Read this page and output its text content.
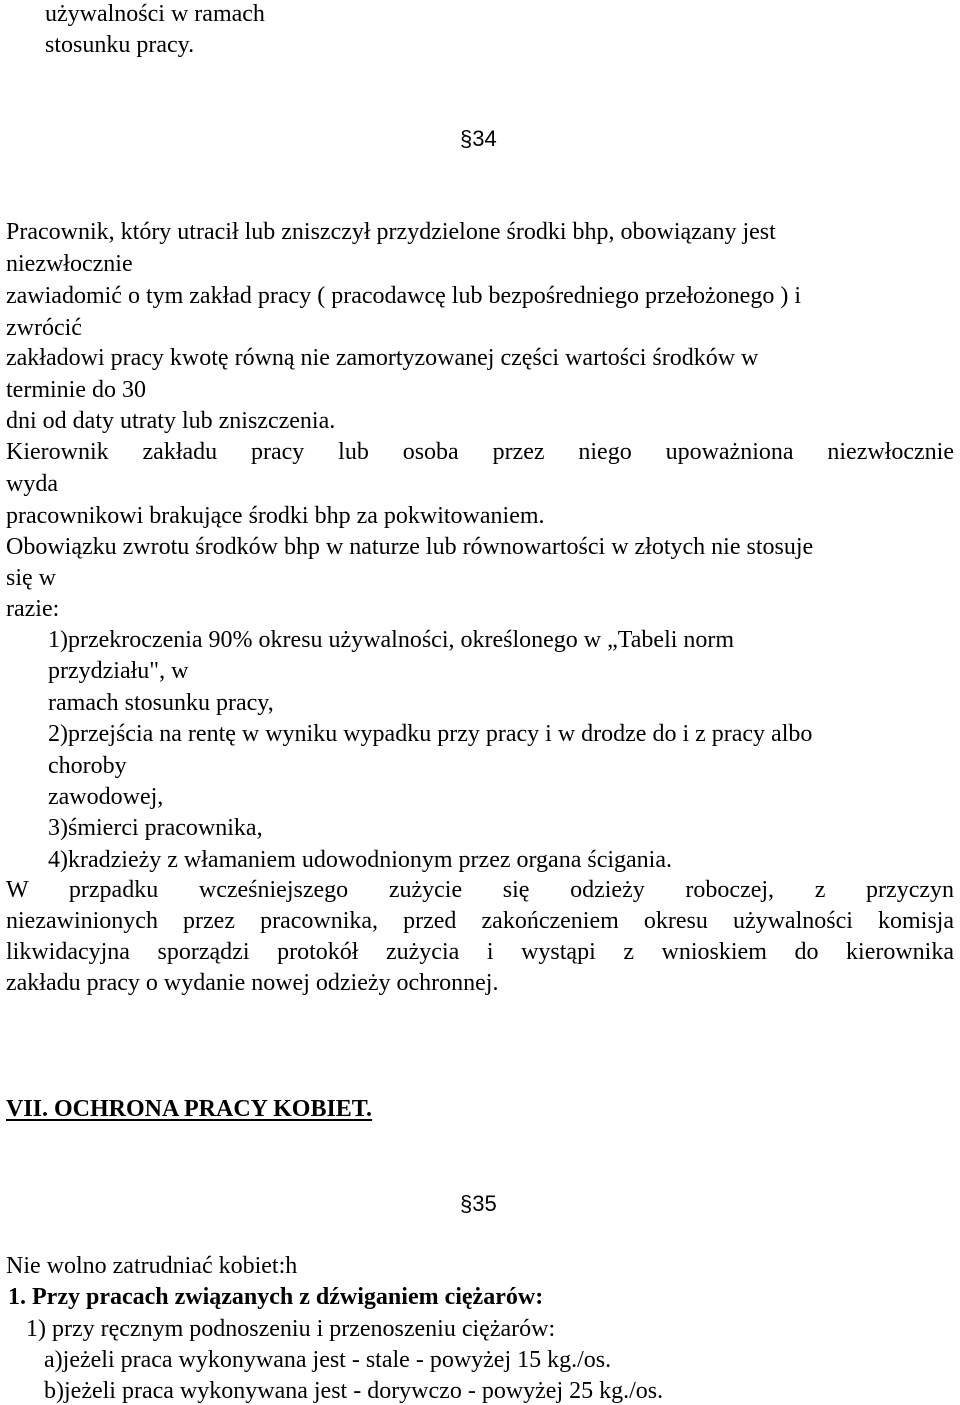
używalności w ramach
stosunku pracy.
§34
Pracownik, który utracił lub zniszczył przydzielone środki bhp, obowiązany jest
niezwłocznie
zawiadomić o tym zakład pracy ( pracodawcę lub bezpośredniego przełożonego ) i
zwrócić
zakładowi pracy kwotę równą nie zamortyzowanej części wartości środków w
terminie do 30
dni od daty utraty lub zniszczenia.
Kierownik zakładu pracy lub osoba przez niego upoważniona niezwłocznie
wyda
pracownikowi brakujące środki bhp za pokwitowaniem.
Obowiązku zwrotu środków bhp w naturze lub równowartości w złotych nie stosuje
się w
razie:
1)przekroczenia 90% okresu używalności, określonego w „Tabeli norm
przydziału", w
ramach stosunku pracy,
2)przejścia na rentę w wyniku wypadku przy pracy i w drodze do i z pracy albo
choroby
zawodowej,
3)śmierci pracownika,
4)kradzieży z włamaniem udowodnionym przez organa ścigania.
W przpadku wcześniejszego zużycie się odzieży roboczej, z przyczyn
niezawinionych przez pracownika, przed zakończeniem okresu używalności komisja
likwidacyjna sporządzi protokół zużycia i wystąpi z wnioskiem do kierownika
zakładu pracy o wydanie nowej odzieży ochronnej.
VII. OCHRONA PRACY KOBIET.
§35
Nie wolno zatrudniać kobiet:h
1. Przy pracach związanych z dźwiganiem ciężarów:
1) przy ręcznym podnoszeniu i przenoszeniu ciężarów:
a)jeżeli praca wykonywana jest - stale - powyżej 15 kg./os.
b)jeżeli praca wykonywana jest - dorywczo - powyżej 25 kg./os.
